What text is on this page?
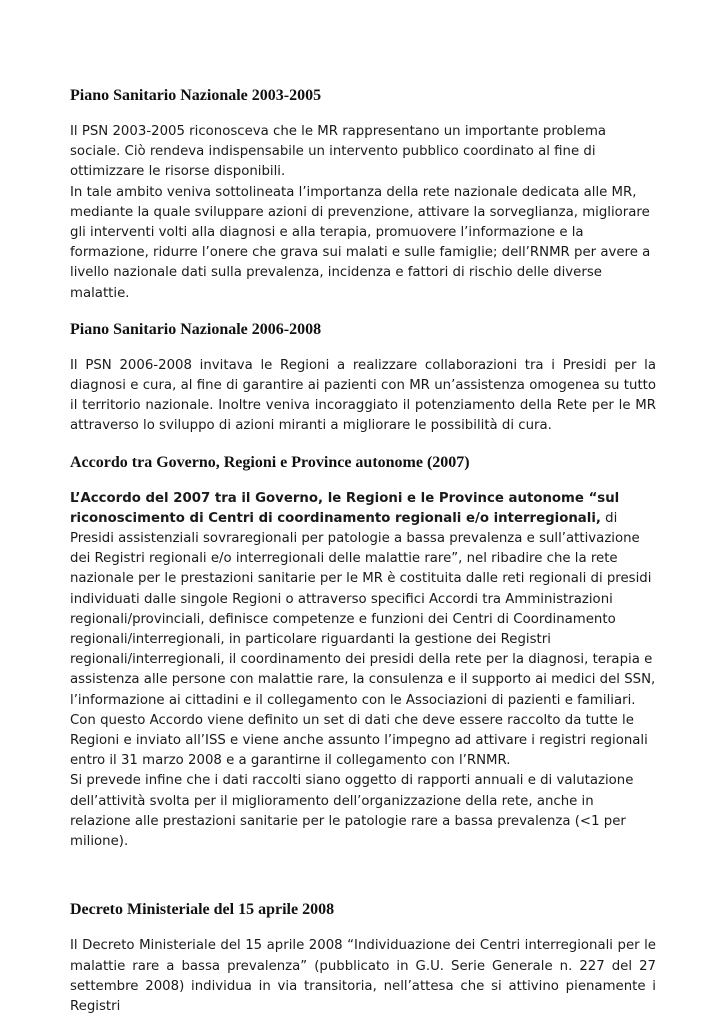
Piano Sanitario Nazionale 2003-2005

Il PSN 2003-2005 riconosceva che le MR rappresentano un importante problema sociale. Ciò rendeva indispensabile un intervento pubblico coordinato al fine di ottimizzare le risorse disponibili.

In tale ambito veniva sottolineata l’importanza della rete nazionale dedicata alle MR, mediante la quale sviluppare azioni di prevenzione, attivare la sorveglianza, migliorare gli interventi volti alla diagnosi e alla terapia, promuovere l’informazione e la formazione, ridurre l’onere che grava sui malati e sulle famiglie; dell’RNMR per avere a livello nazionale dati sulla prevalenza, incidenza e fattori di rischio delle diverse malattie.

Piano Sanitario Nazionale 2006-2008

Il PSN 2006-2008 invitava le Regioni a realizzare collaborazioni tra i Presidi per la diagnosi e cura, al fine di garantire ai pazienti con MR un’assistenza omogenea su tutto il territorio nazionale. Inoltre veniva incoraggiato il potenziamento della Rete per le MR attraverso lo sviluppo di azioni miranti a migliorare le possibilità di cura.

Accordo tra Governo, Regioni e Province autonome (2007)

L’Accordo del 2007 tra il Governo, le Regioni e le Province autonome “sul riconoscimento di Centri di coordinamento regionali e/o interregionali, di Presidi assistenziali sovraregionali per patologie a bassa prevalenza e sull’attivazione dei Registri regionali e/o interregionali delle malattie rare”, nel ribadire che la rete nazionale per le prestazioni sanitarie per le MR è costituita dalle reti regionali di presidi individuati dalle singole Regioni o attraverso specifici Accordi tra Amministrazioni regionali/provinciali, definisce competenze e funzioni dei Centri di Coordinamento regionali/interregionali, in particolare riguardanti la gestione dei Registri regionali/interregionali, il coordinamento dei presidi della rete per la diagnosi, terapia e assistenza alle persone con malattie rare, la consulenza e il supporto ai medici del SSN, l’informazione ai cittadini e il collegamento con le Associazioni di pazienti e familiari.

Con questo Accordo viene definito un set di dati che deve essere raccolto da tutte le Regioni e inviato all’ISS e viene anche assunto l’impegno ad attivare i registri regionali entro il 31 marzo 2008 e a garantirne il collegamento con l’RNMR.

Si prevede infine che i dati raccolti siano oggetto di rapporti annuali e di valutazione dell’attività svolta per il miglioramento dell’organizzazione della rete, anche in relazione alle prestazioni sanitarie per le patologie rare a bassa prevalenza (<1 per milione).

Decreto Ministeriale del 15 aprile 2008

Il Decreto Ministeriale del 15 aprile 2008 “Individuazione dei Centri interregionali per le malattie rare a bassa prevalenza” (pubblicato in G.U. Serie Generale n. 227 del 27 settembre 2008) individua in via transitoria, nell’attesa che si attivino pienamente i Registri
